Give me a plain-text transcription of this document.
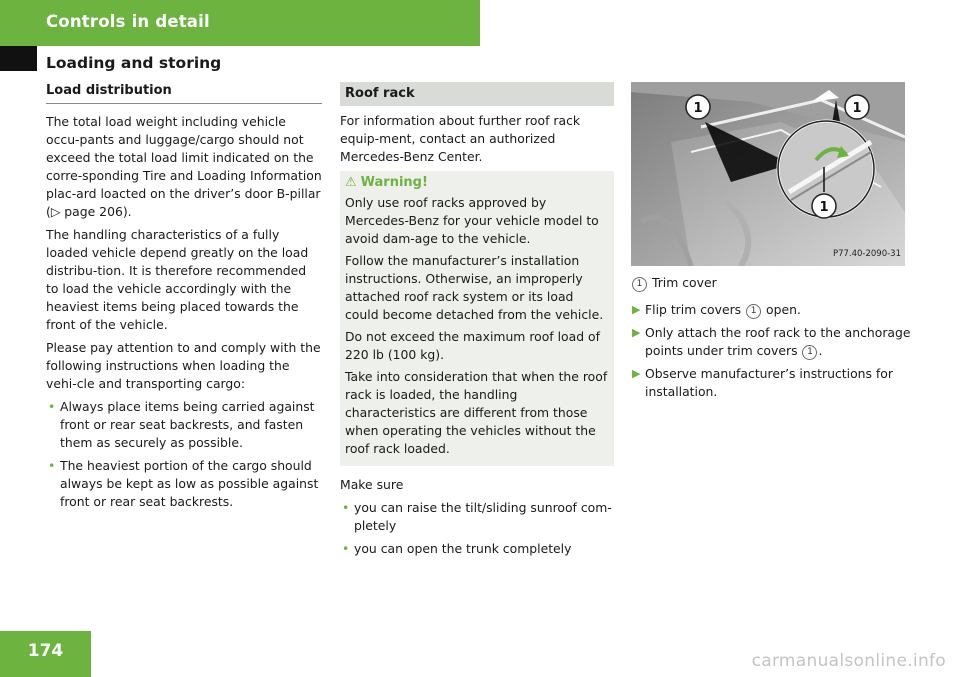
Controls in detail
Loading and storing
Load distribution

The total load weight including vehicle occu-pants and luggage/cargo should not exceed the total load limit indicated on the corre-sponding Tire and Loading Information plac-ard loacted on the driver’s door B-pillar
(▷ page 206).

The handling characteristics of a fully loaded vehicle depend greatly on the load distribu-tion. It is therefore recommended to load the vehicle accordingly with the heaviest items being placed towards the front of the vehicle.

Please pay attention to and comply with the following instructions when loading the vehi-cle and transporting cargo:

• Always place items being carried against front or rear seat backrests, and fasten them as securely as possible.
• The heaviest portion of the cargo should always be kept as low as possible against front or rear seat backrests.
Roof rack

For information about further roof rack equip-ment, contact an authorized Mercedes-Benz Center.

⚠ Warning!

Only use roof racks approved by Mercedes-Benz for your vehicle model to avoid dam-age to the vehicle.

Follow the manufacturer’s installation instructions. Otherwise, an improperly attached roof rack system or its load could become detached from the vehicle.

Do not exceed the maximum roof load of 220 lb (100 kg).

Take into consideration that when the roof rack is loaded, the handling characteristics are different from those when operating the vehicles without the roof rack loaded.

Make sure

• you can raise the tilt/sliding sunroof com-pletely
• you can open the trunk completely
1	1
1
P77.40-2090-31
1 Trim cover
▶ Flip trim covers 1 open.
▶ Only attach the roof rack to the anchorage points under trim covers 1 .
▶ Observe manufacturer’s instructions for installation.
174	carmanualsonline.info
